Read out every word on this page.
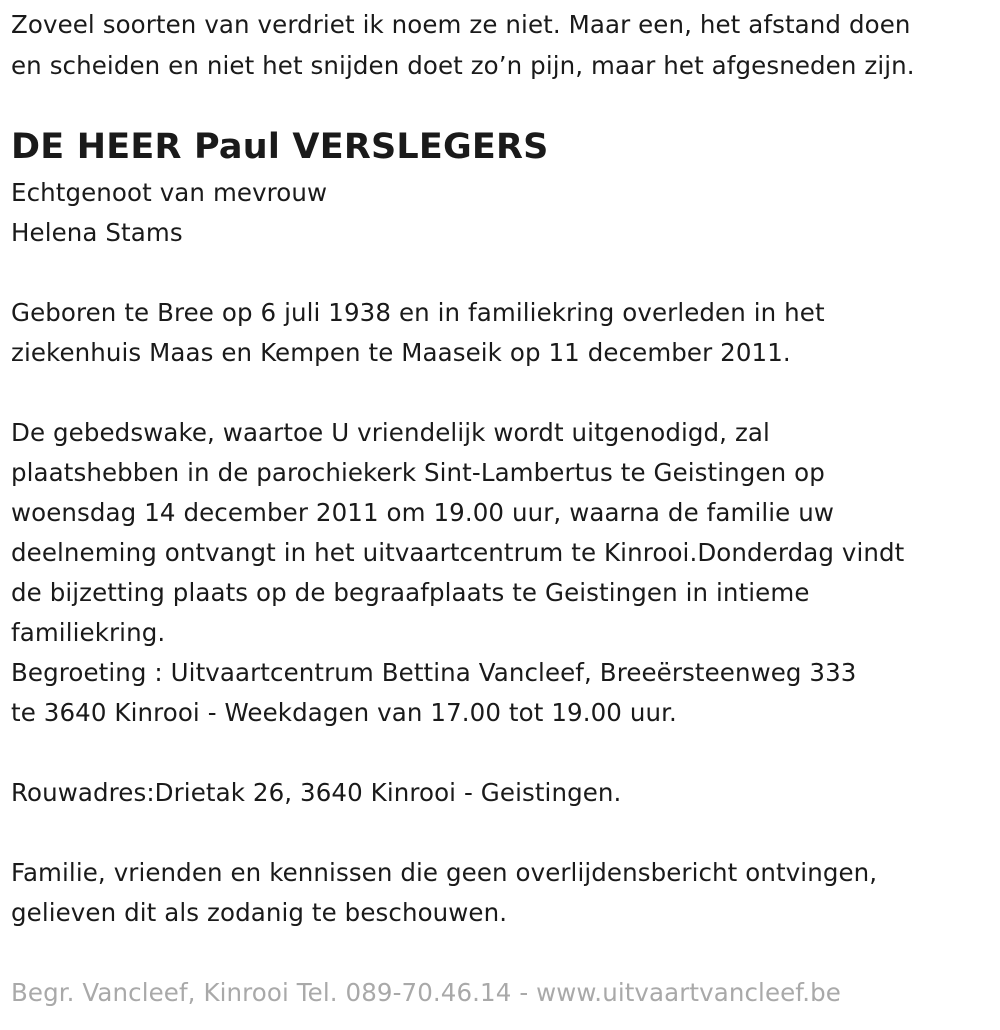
Zoveel soorten van verdriet ik noem ze niet. Maar een, het afstand doen
en scheiden en niet het snijden doet zo’n pijn, maar het afgesneden zijn.
DE HEER Paul VERSLEGERS
Echtgenoot van mevrouw
Helena Stams
Geboren te Bree op 6 juli 1938 en in familiekring overleden in het
ziekenhuis Maas en Kempen te Maaseik op 11 december 2011.
De gebedswake, waartoe U vriendelijk wordt uitgenodigd, zal
plaatshebben in de parochiekerk Sint-Lambertus te Geistingen op
woensdag 14 december 2011 om 19.00 uur, waarna de familie uw
deelneming ontvangt in het uitvaartcentrum te Kinrooi.Donderdag vindt
de bijzetting plaats op de begraafplaats te Geistingen in intieme
familiekring.
Begroeting : Uitvaartcentrum Bettina Vancleef, Breeërsteenweg 333
te 3640 Kinrooi - Weekdagen van 17.00 tot 19.00 uur.
Rouwadres:Drietak 26, 3640 Kinrooi - Geistingen.
Familie, vrienden en kennissen die geen overlijdensbericht ontvingen,
gelieven dit als zodanig te beschouwen.
Begr. Vancleef, Kinrooi Tel. 089-70.46.14 - www.uitvaartvancleef.be
